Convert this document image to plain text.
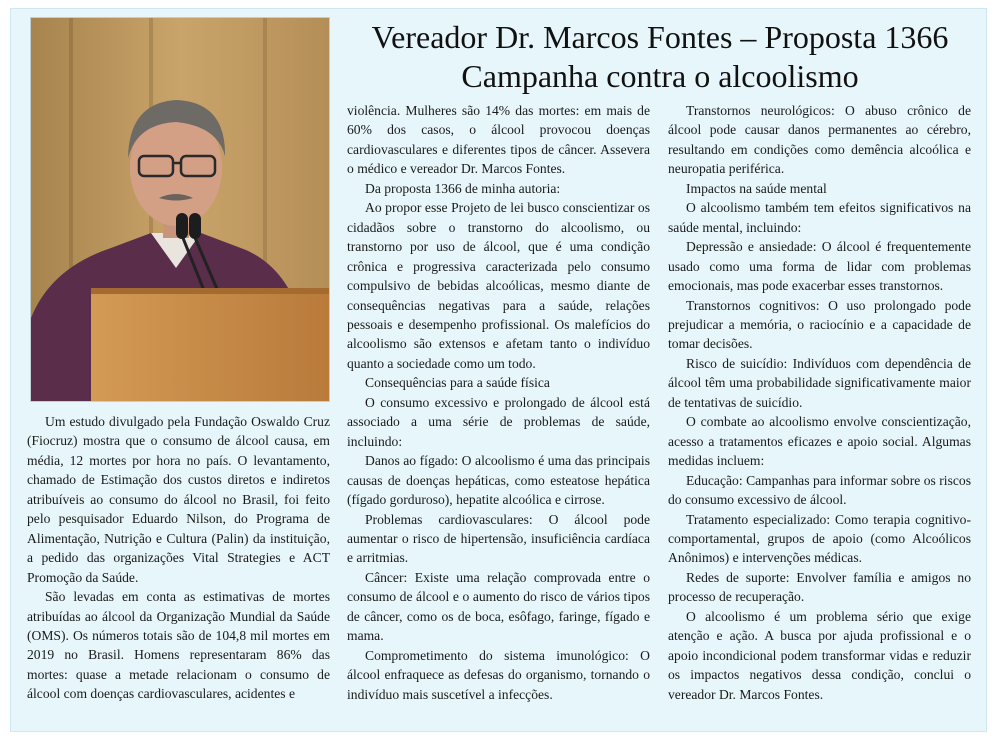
Vereador Dr. Marcos Fontes – Proposta 1366
Campanha contra o alcoolismo

Um estudo divulgado pela Fundação Oswaldo Cruz (Fiocruz) mostra que o consumo de álcool causa, em média, 12 mortes por hora no país. O levantamento, chamado de Estimação dos custos diretos e indiretos atribuíveis ao consumo do álcool no Brasil, foi feito pelo pesquisador Eduardo Nilson, do Programa de Alimentação, Nutrição e Cultura (Palin) da instituição, a pedido das organizações Vital Strategies e ACT Promoção da Saúde.

São levadas em conta as estimativas de mortes atribuídas ao álcool da Organização Mundial da Saúde (OMS). Os números totais são de 104,8 mil mortes em 2019 no Brasil. Homens representaram 86% das mortes: quase a metade relacionam o consumo de álcool com doenças cardiovasculares, acidentes e

violência. Mulheres são 14% das mortes: em mais de 60% dos casos, o álcool provocou doenças cardiovasculares e diferentes tipos de câncer. Assevera o médico e vereador Dr. Marcos Fontes.

Da proposta 1366 de minha autoria:

Ao propor esse Projeto de lei busco conscientizar os cidadãos sobre o transtorno do alcoolismo, ou transtorno por uso de álcool, que é uma condição crônica e progressiva caracterizada pelo consumo compulsivo de bebidas alcoólicas, mesmo diante de consequências negativas para a saúde, relações pessoais e desempenho profissional. Os malefícios do alcoolismo são extensos e afetam tanto o indivíduo quanto a sociedade como um todo.

Consequências para a saúde física

O consumo excessivo e prolongado de álcool está associado a uma série de problemas de saúde, incluindo:

Danos ao fígado: O alcoolismo é uma das principais causas de doenças hepáticas, como esteatose hepática (fígado gorduroso), hepatite alcoólica e cirrose.

Problemas cardiovasculares: O álcool pode aumentar o risco de hipertensão, insuficiência cardíaca e arritmias.

Câncer: Existe uma relação comprovada entre o consumo de álcool e o aumento do risco de vários tipos de câncer, como os de boca, esôfago, faringe, fígado e mama.

Comprometimento do sistema imunológico: O álcool enfraquece as defesas do organismo, tornando o indivíduo mais suscetível a infecções.

Transtornos neurológicos: O abuso crônico de álcool pode causar danos permanentes ao cérebro, resultando em condições como demência alcoólica e neuropatia periférica.

Impactos na saúde mental

O alcoolismo também tem efeitos significativos na saúde mental, incluindo:

Depressão e ansiedade: O álcool é frequentemente usado como uma forma de lidar com problemas emocionais, mas pode exacerbar esses transtornos.

Transtornos cognitivos: O uso prolongado pode prejudicar a memória, o raciocínio e a capacidade de tomar decisões.

Risco de suicídio: Indivíduos com dependência de álcool têm uma probabilidade significativamente maior de tentativas de suicídio.

O combate ao alcoolismo envolve conscientização, acesso a tratamentos eficazes e apoio social. Algumas medidas incluem:

Educação: Campanhas para informar sobre os riscos do consumo excessivo de álcool.

Tratamento especializado: Como terapia cognitivo-comportamental, grupos de apoio (como Alcoólicos Anônimos) e intervenções médicas.

Redes de suporte: Envolver família e amigos no processo de recuperação.

O alcoolismo é um problema sério que exige atenção e ação. A busca por ajuda profissional e o apoio incondicional podem transformar vidas e reduzir os impactos negativos dessa condição, conclui o vereador Dr. Marcos Fontes.
